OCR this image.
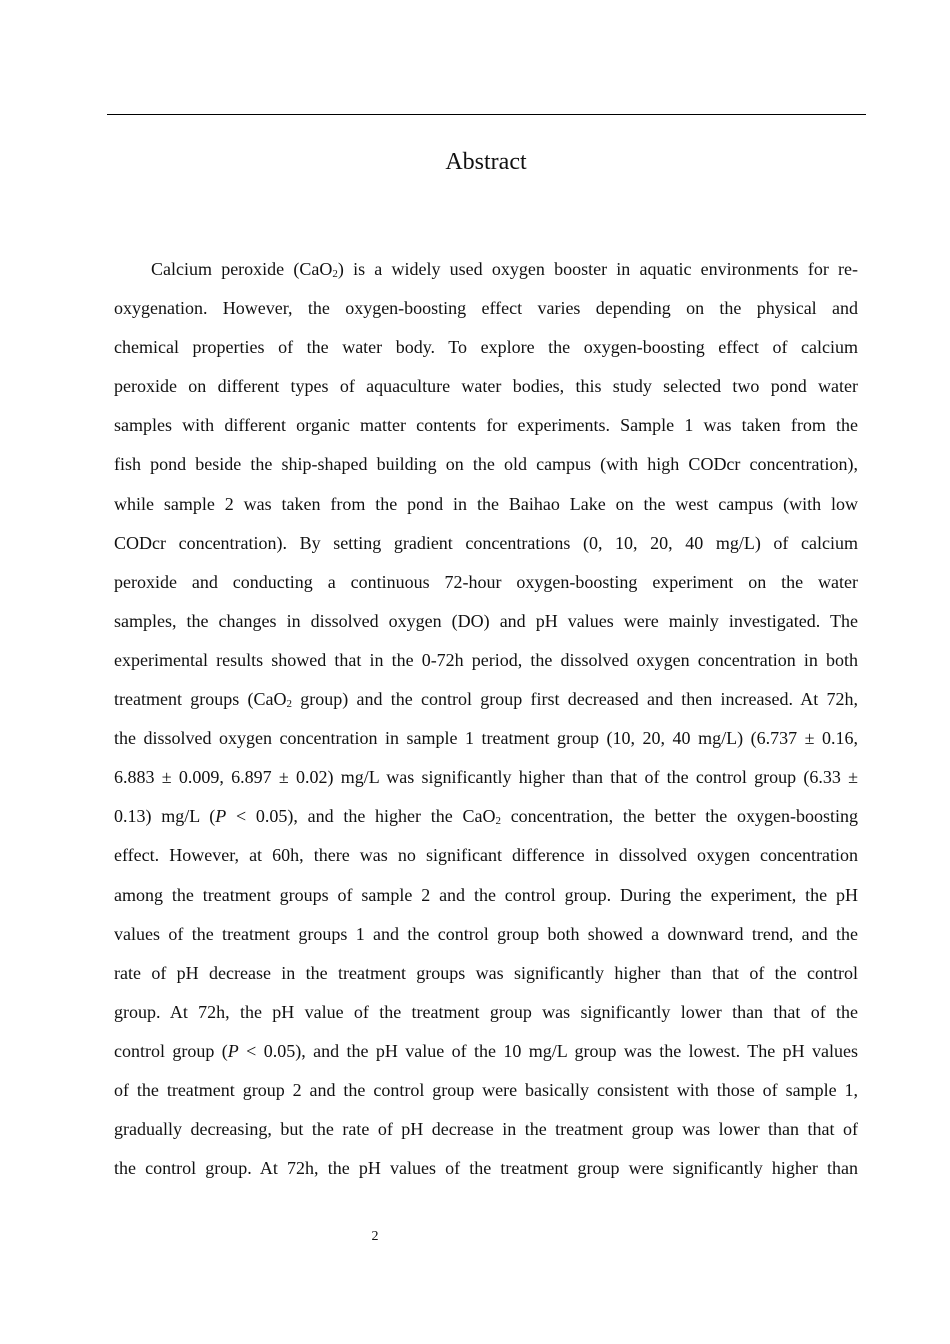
Abstract
Calcium peroxide (CaO$_2$) is a widely used oxygen booster in aquatic environments for re-
oxygenation. However, the oxygen-boosting effect varies depending on the physical and
chemical properties of the water body. To explore the oxygen-boosting effect of calcium
peroxide on different types of aquaculture water bodies, this study selected two pond water
samples with different organic matter contents for experiments. Sample 1 was taken from the
fish pond beside the ship-shaped building on the old campus (with high CODcr concentration),
while sample 2 was taken from the pond in the Baihao Lake on the west campus (with low
CODcr concentration). By setting gradient concentrations (0, 10, 20, 40 mg/L) of calcium
peroxide and conducting a continuous 72-hour oxygen-boosting experiment on the water
samples, the changes in dissolved oxygen (DO) and pH values were mainly investigated. The
experimental results showed that in the 0-72h period, the dissolved oxygen concentration in both
treatment groups (CaO$_2$ group) and the control group first decreased and then increased. At 72h,
the dissolved oxygen concentration in sample 1 treatment group (10, 20, 40 mg/L) (6.737 ± 0.16,
6.883 ± 0.009, 6.897 ± 0.02) mg/L was significantly higher than that of the control group (6.33 ±
0.13) mg/L (P < 0.05), and the higher the CaO$_2$ concentration, the better the oxygen-boosting
effect. However, at 60h, there was no significant difference in dissolved oxygen concentration
among the treatment groups of sample 2 and the control group. During the experiment, the pH
values of the treatment groups 1 and the control group both showed a downward trend, and the
rate of pH decrease in the treatment groups was significantly higher than that of the control
group. At 72h, the pH value of the treatment group was significantly lower than that of the
control group (P < 0.05), and the pH value of the 10 mg/L group was the lowest. The pH values
of the treatment group 2 and the control group were basically consistent with those of sample 1,
gradually decreasing, but the rate of pH decrease in the treatment group was lower than that of
the control group. At 72h, the pH values of the treatment group were significantly higher than
2
